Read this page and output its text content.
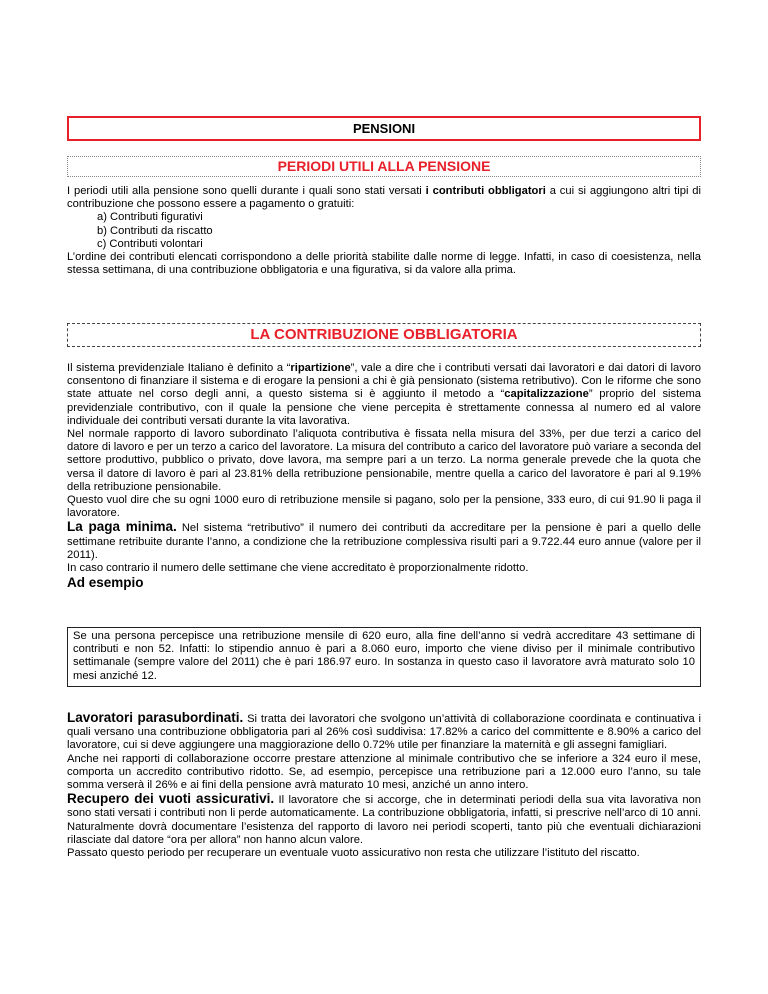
PENSIONI
PERIODI UTILI ALLA PENSIONE

I periodi utili alla pensione sono quelli durante i quali sono stati versati i contributi obbligatori a cui si aggiungono altri tipi di contribuzione che possono essere a pagamento o gratuiti:

a) Contributi figurativi
b) Contributi da riscatto
c) Contributi volontari

L’ordine dei contributi elencati corrispondono a delle priorità stabilite dalle norme di legge. Infatti, in caso di coesistenza, nella stessa settimana, di una contribuzione obbligatoria e una figurativa, si da valore alla prima.

LA CONTRIBUZIONE OBBLIGATORIA

Il sistema previdenziale Italiano è definito a “ripartizione”, vale a dire che i contributi versati dai lavoratori e dai datori di lavoro consentono di finanziare il sistema e di erogare la pensioni a chi è già pensionato (sistema retributivo). Con le riforme che sono state attuate nel corso degli anni, a questo sistema si è aggiunto il metodo a “capitalizzazione” proprio del sistema previdenziale contributivo, con il quale la pensione che viene percepita è strettamente connessa al numero ed al valore individuale dei contributi versati durante la vita lavorativa.

Nel normale rapporto di lavoro subordinato l’aliquota contributiva è fissata nella misura del 33%, per due terzi a carico del datore di lavoro e per un terzo a carico del lavoratore. La misura del contributo a carico del lavoratore può variare a seconda del settore produttivo, pubblico o privato, dove lavora, ma sempre pari a un terzo. La norma generale prevede che la quota che versa il datore di lavoro è pari al 23.81% della retribuzione pensionabile, mentre quella a carico del lavoratore è pari al 9.19% della retribuzione pensionabile.

Questo vuol dire che su ogni 1000 euro di retribuzione mensile si pagano, solo per la pensione, 333 euro, di cui 91.90 li paga il lavoratore.

La paga minima. Nel sistema “retributivo” il numero dei contributi da accreditare per la pensione è pari a quello delle settimane retribuite durante l’anno, a condizione che la retribuzione complessiva risulti pari a 9.722.44 euro annue (valore per il 2011).

In caso contrario il numero delle settimane che viene accreditato è proporzionalmente ridotto.

Ad esempio

Se una persona percepisce una retribuzione mensile di 620 euro, alla fine dell’anno si vedrà accreditare 43 settimane di contributi e non 52. Infatti: lo stipendio annuo è pari a 8.060 euro, importo che viene diviso per il minimale contributivo settimanale (sempre valore del 2011) che è pari 186.97 euro. In sostanza in questo caso il lavoratore avrà maturato solo 10 mesi anziché 12.

Lavoratori parasubordinati. Si tratta dei lavoratori che svolgono un’attività di collaborazione coordinata e continuativa i quali versano una contribuzione obbligatoria pari al 26% così suddivisa: 17.82% a carico del committente e 8.90% a carico del lavoratore, cui si deve aggiungere una maggiorazione dello 0.72% utile per finanziare la maternità e gli assegni famigliari.

Anche nei rapporti di collaborazione occorre prestare attenzione al minimale contributivo che se inferiore a 324 euro il mese, comporta un accredito contributivo ridotto. Se, ad esempio, percepisce una retribuzione pari a 12.000 euro l’anno, su tale somma verserà il 26% e ai fini della pensione avrà maturato 10 mesi, anziché un anno intero.

Recupero dei vuoti assicurativi. Il lavoratore che si accorge, che in determinati periodi della sua vita lavorativa non sono stati versati i contributi non li perde automaticamente. La contribuzione obbligatoria, infatti, si prescrive nell’arco di 10 anni. Naturalmente dovrà documentare l’esistenza del rapporto di lavoro nei periodi scoperti, tanto più che eventuali dichiarazioni rilasciate dal datore “ora per allora” non hanno alcun valore.

Passato questo periodo per recuperare un eventuale vuoto assicurativo non resta che utilizzare l’istituto del riscatto.
